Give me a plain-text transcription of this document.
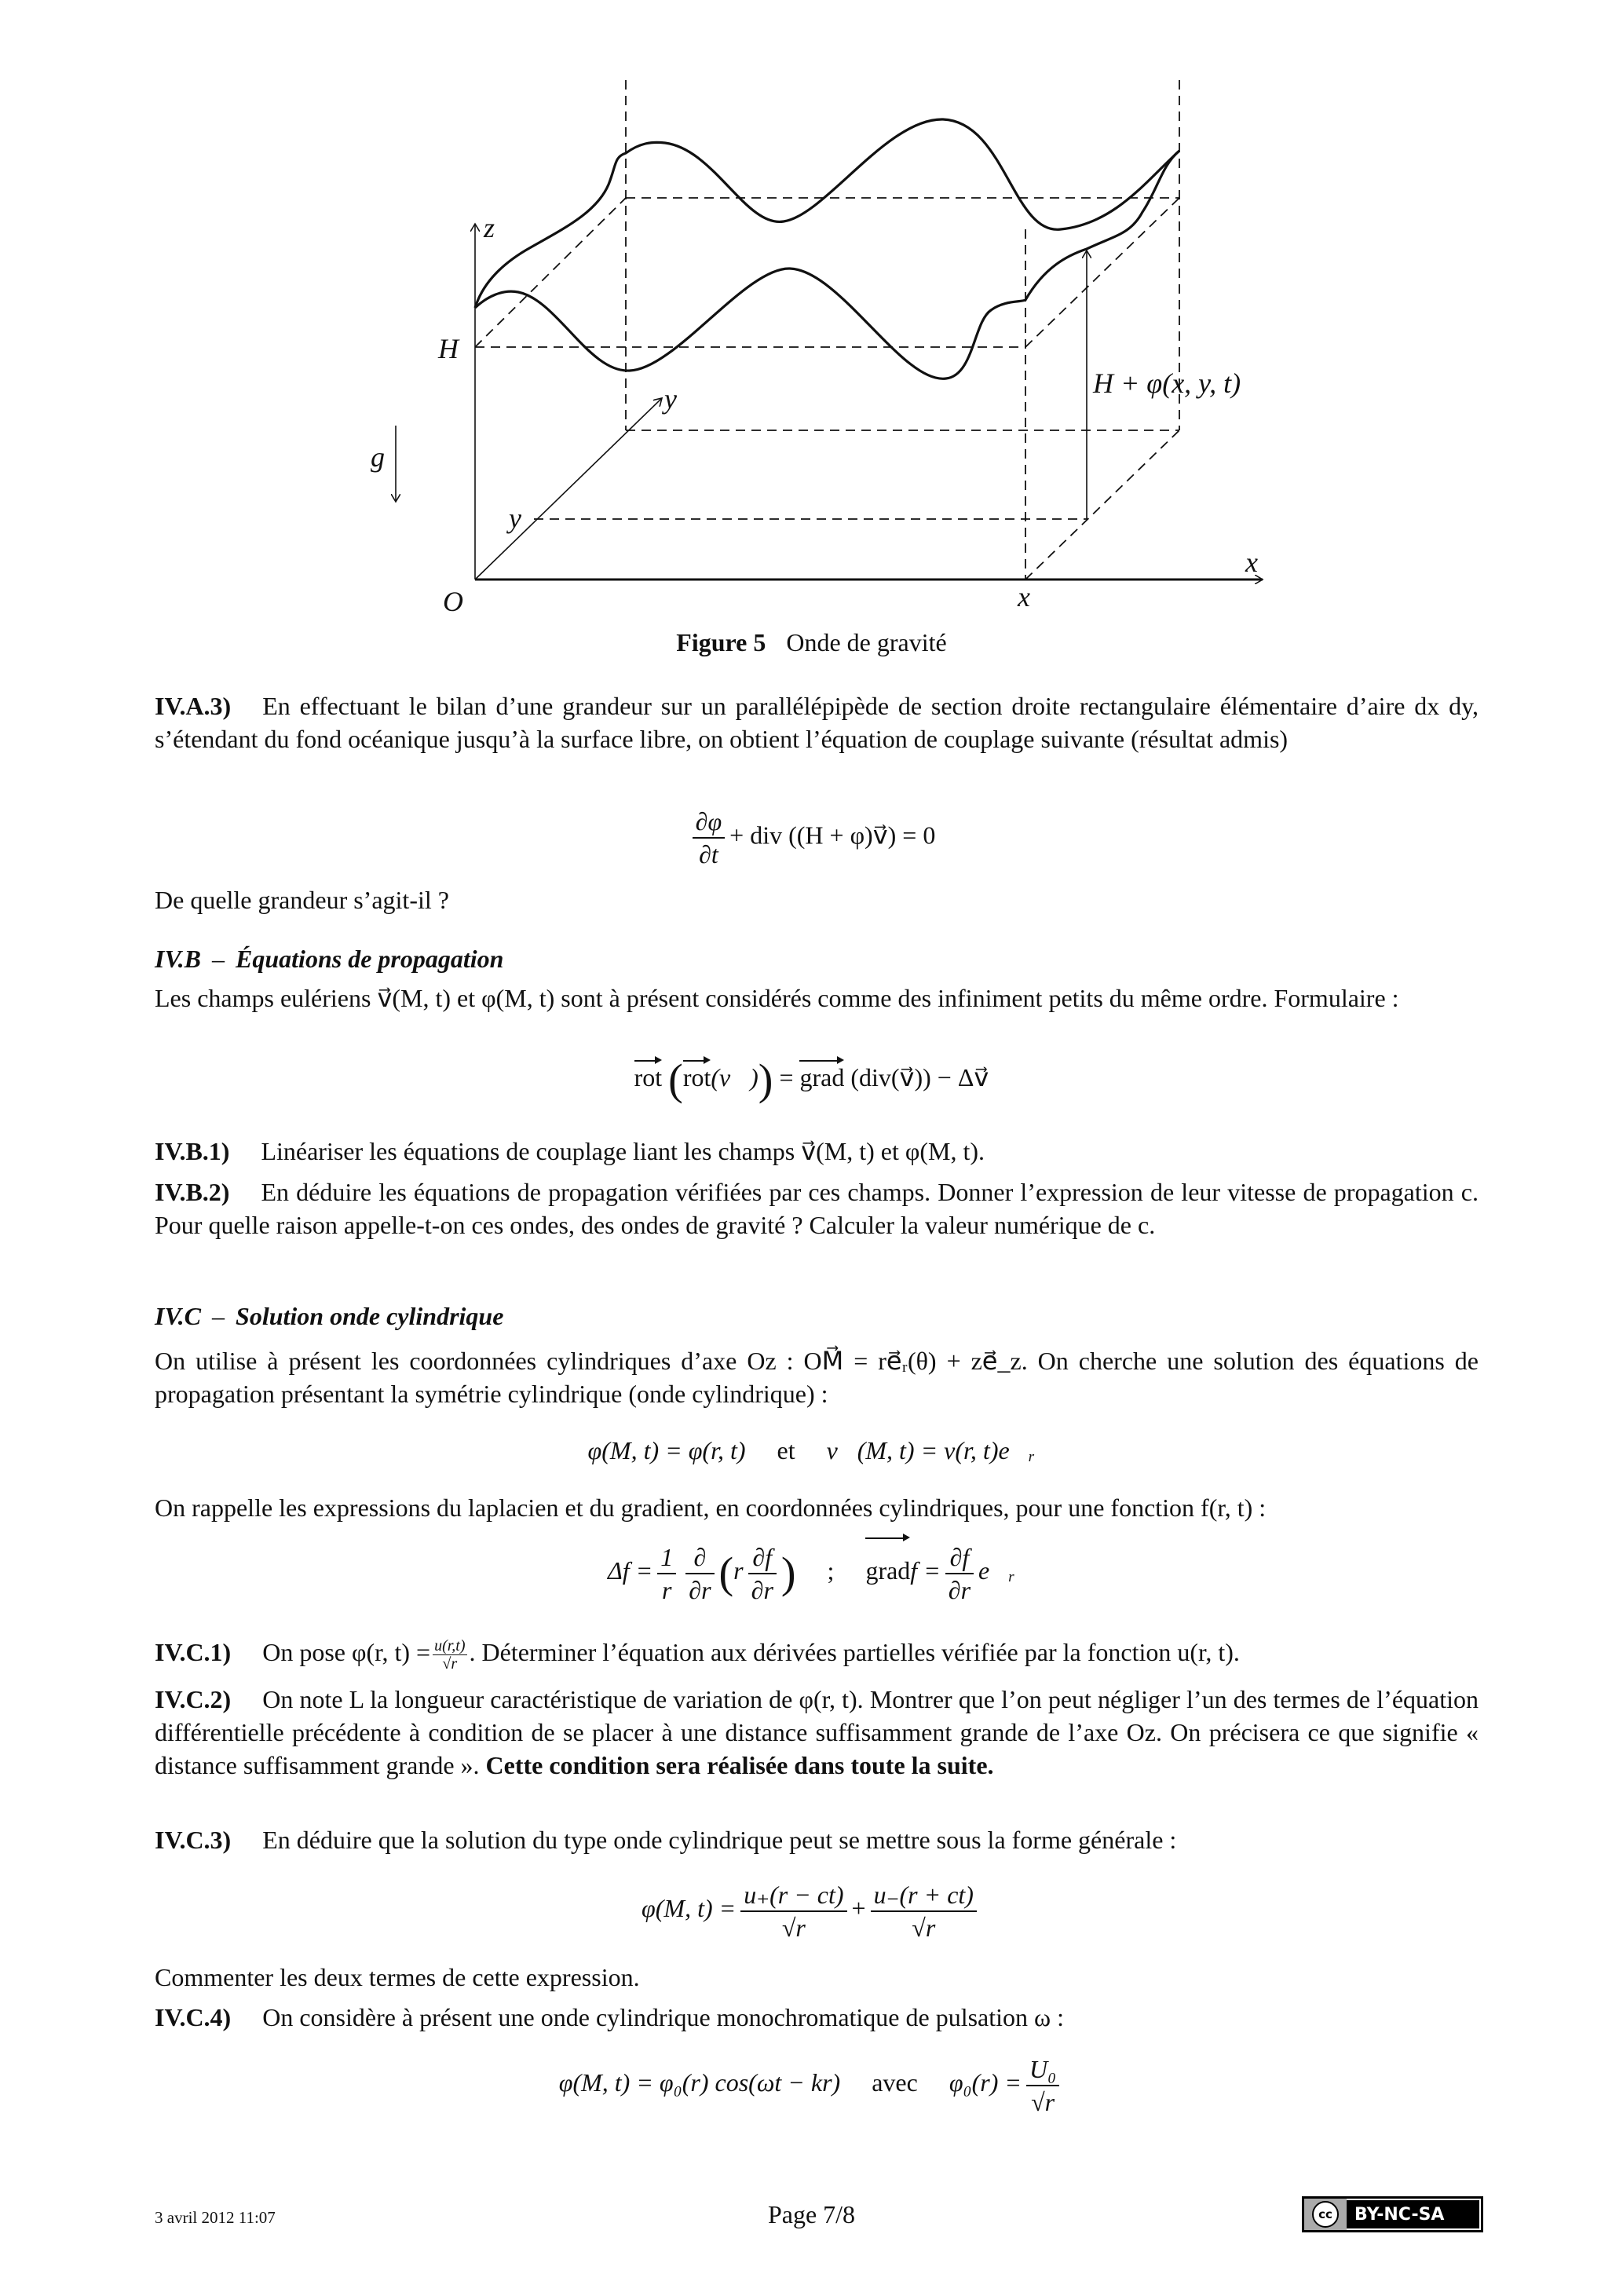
z
H
y
g
y
O
x
x
H + φ(x, y, t)
Figure 5 Onde de gravité
IV.A.3) En effectuant le bilan d’une grandeur sur un parallélépipède de section droite rectangulaire élémentaire d’aire dx dy, s’étendant du fond océanique jusqu’à la surface libre, on obtient l’équation de couplage suivante (résultat admis)
$\frac{\partial\varphi}{\partial t}$ + div ((H + φ)v⃗) = 0
De quelle grandeur s’agit-il ?
IV.B – Équations de propagation
Les champs eulériens v⃗(M, t) et φ(M, t) sont à présent considérés comme des infiniment petits du même ordre. Formulaire :
rot (rot(v⃗)) = grad (div(v⃗)) − Δv⃗
IV.B.1) Linéariser les équations de couplage liant les champs v⃗(M, t) et φ(M, t).
IV.B.2) En déduire les équations de propagation vérifiées par ces champs. Donner l’expression de leur vitesse de propagation c. Pour quelle raison appelle-t-on ces ondes, des ondes de gravité ? Calculer la valeur numérique de c.
IV.C – Solution onde cylindrique
On utilise à présent les coordonnées cylindriques d’axe Oz : OM⃗ = re⃗ᵣ(θ) + ze⃗_z. On cherche une solution des équations de propagation présentant la symétrie cylindrique (onde cylindrique) :
φ(M, t) = φ(r, t) et v⃗(M, t) = v(r, t)e⃗ᵣ
On rappelle les expressions du laplacien et du gradient, en coordonnées cylindriques, pour une fonction f(r, t) :
$\Delta f = \frac{1}{r} \frac{\partial}{\partial r} (r \frac{\partial f}{\partial r}$ ) ; gradf = $\frac{\partial f}{\partial r}$ e⃗ᵣ
IV.C.1) On pose φ(r, $t) = \frac{u(r,t)}{√r}$ . Déterminer l’équation aux dérivées partielles vérifiée par la fonction u(r, t).
IV.C.2) On note L la longueur caractéristique de variation de φ(r, t). Montrer que l’on peut négliger l’un des termes de l’équation différentielle précédente à condition de se placer à une distance suffisamment grande de l’axe Oz. On précisera ce que signifie « distance suffisamment grande ». Cette condition sera réalisée dans toute la suite.
IV.C.3) En déduire que la solution du type onde cylindrique peut se mettre sous la forme générale :
φ(M, $t) = \frac{u_+(r - ct)}{√r} + \frac{u_-(r + ct)}{√r}$
Commenter les deux termes de cette expression.
IV.C.4) On considère à présent une onde cylindrique monochromatique de pulsation ω :
φ(M, t) = φ₀(r) cos(ωt − kr) avec $\varphi_0(r) = \frac{\text{U₀}}{√r}$
3 avril 2012 11:07	Page 7/8	cc	BY-NC-SA
